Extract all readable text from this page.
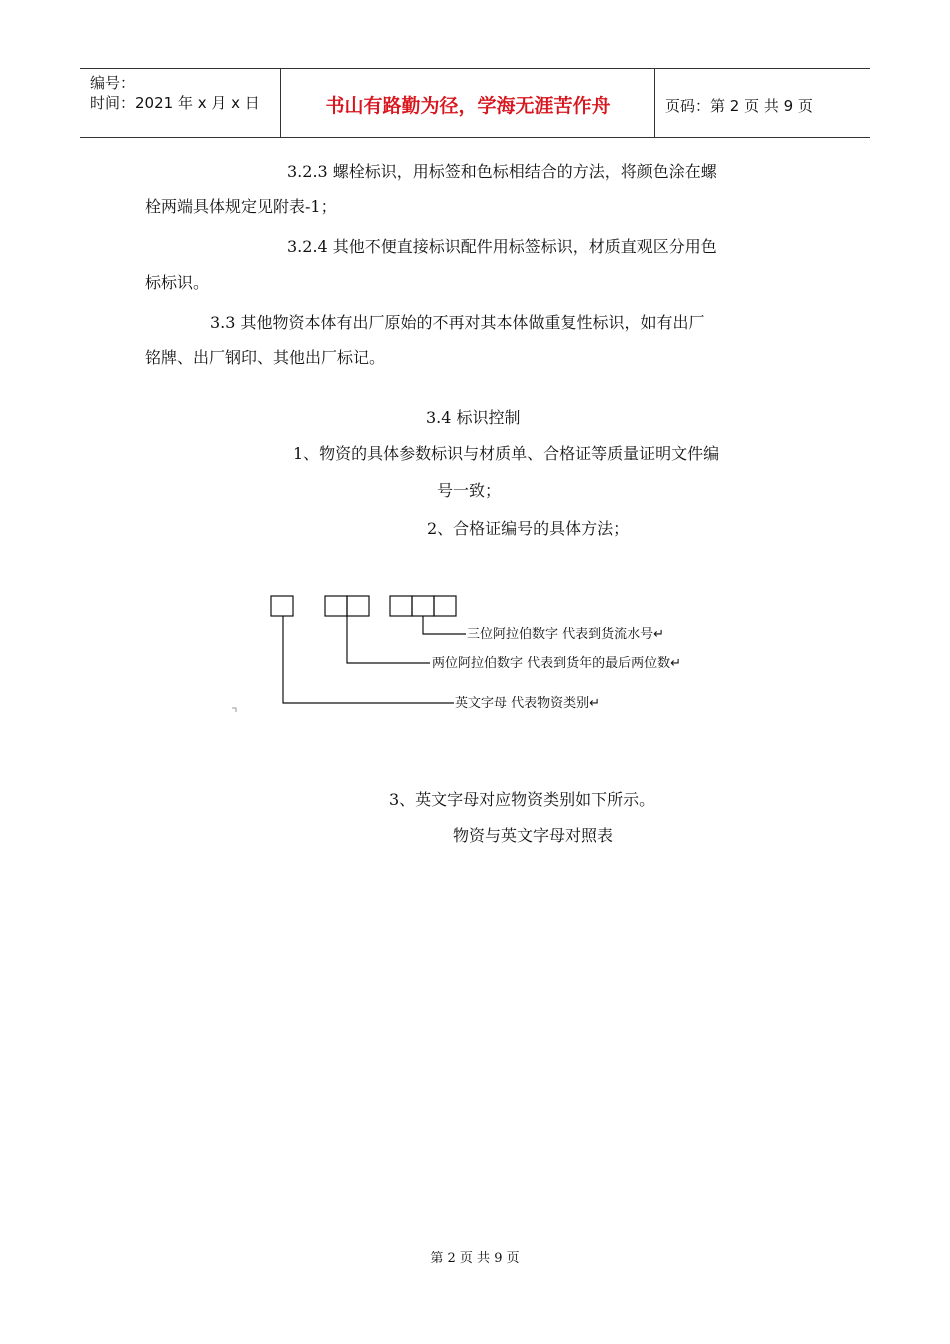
编号：
时间：2021 年 x 月 x 日	书山有路勤为径，学海无涯苦作舟	页码：第 2 页 共 9 页
3.2.3 螺栓标识，用标签和色标相结合的方法，将颜色涂在螺
栓两端具体规定见附表-1；
3.2.4 其他不便直接标识配件用标签标识，材质直观区分用色
标标识。
3.3 其他物资本体有出厂原始的不再对其本体做重复性标识，如有出厂
铭牌、出厂钢印、其他出厂标记。
3.4 标识控制
1、物资的具体参数标识与材质单、合格证等质量证明文件编
号一致；
2、合格证编号的具体方法；
三位阿拉伯数字 代表到货流水号↵
两位阿拉伯数字 代表到货年的最后两位数↵
英文字母 代表物资类别↵
3、英文字母对应物资类别如下所示。
物资与英文字母对照表
第 2 页 共 9 页
